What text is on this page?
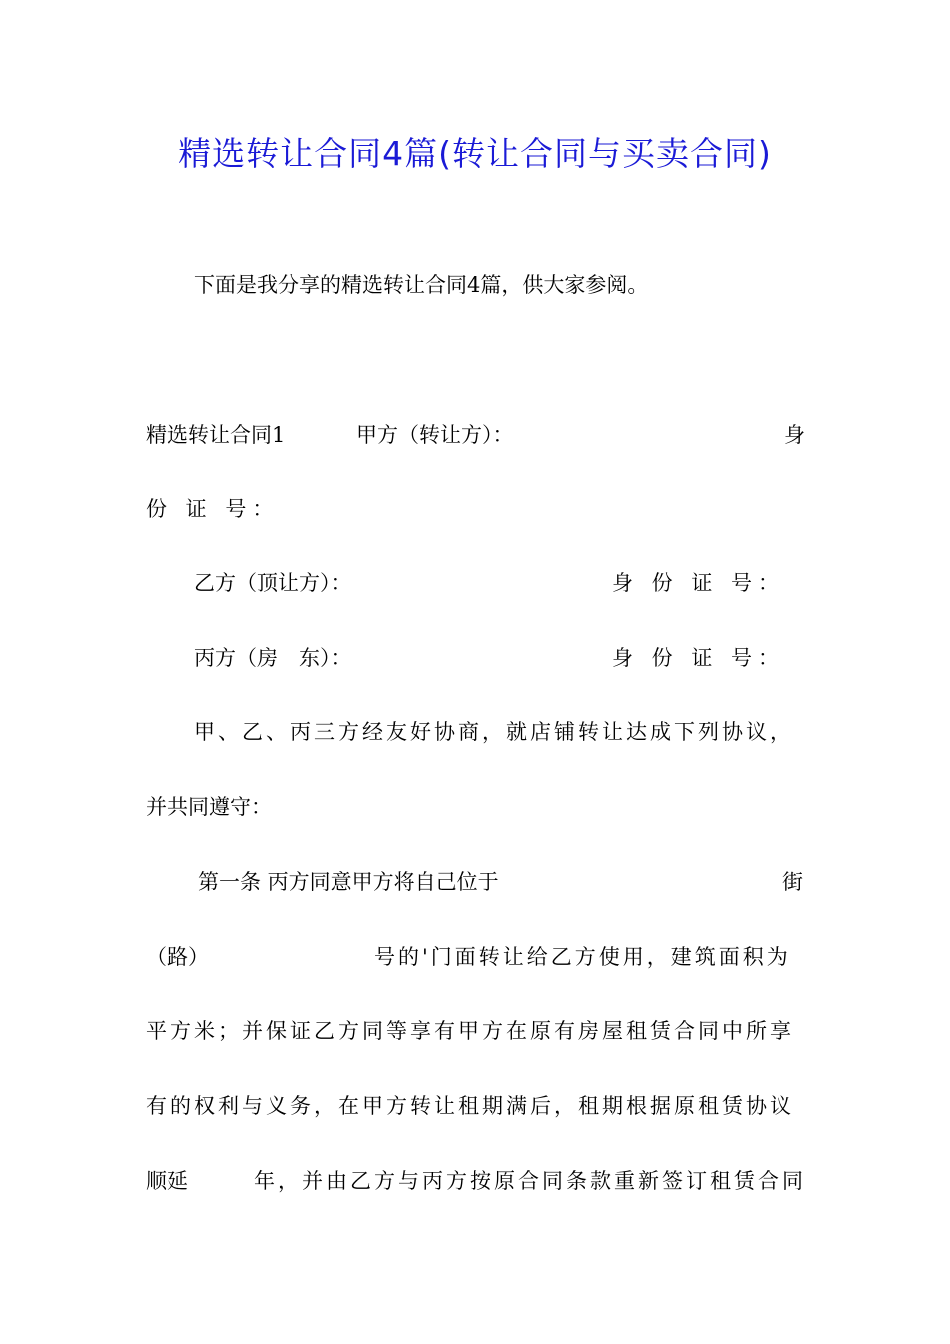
精选转让合同4篇(转让合同与买卖合同)
下面是我分享的精选转让合同4篇，供大家参阅。
精选转让合同1	甲方（转让方）：	身
份 证 号：
乙方（顶让方）：	身 份 证 号：
丙方（房　东）：	身 份 证 号：
甲、乙、丙三方经友好协商，就店铺转让达成下列协议，
并共同遵守：
第一条 丙方同意甲方将自己位于	街
（路）	号的'门面转让给乙方使用，建筑面积为
平方米；并保证乙方同等享有甲方在原有房屋租赁合同中所享
有的权利与义务，在甲方转让租期满后，租期根据原租赁协议
顺延	年，并由乙方与丙方按原合同条款重新签订租赁合同
